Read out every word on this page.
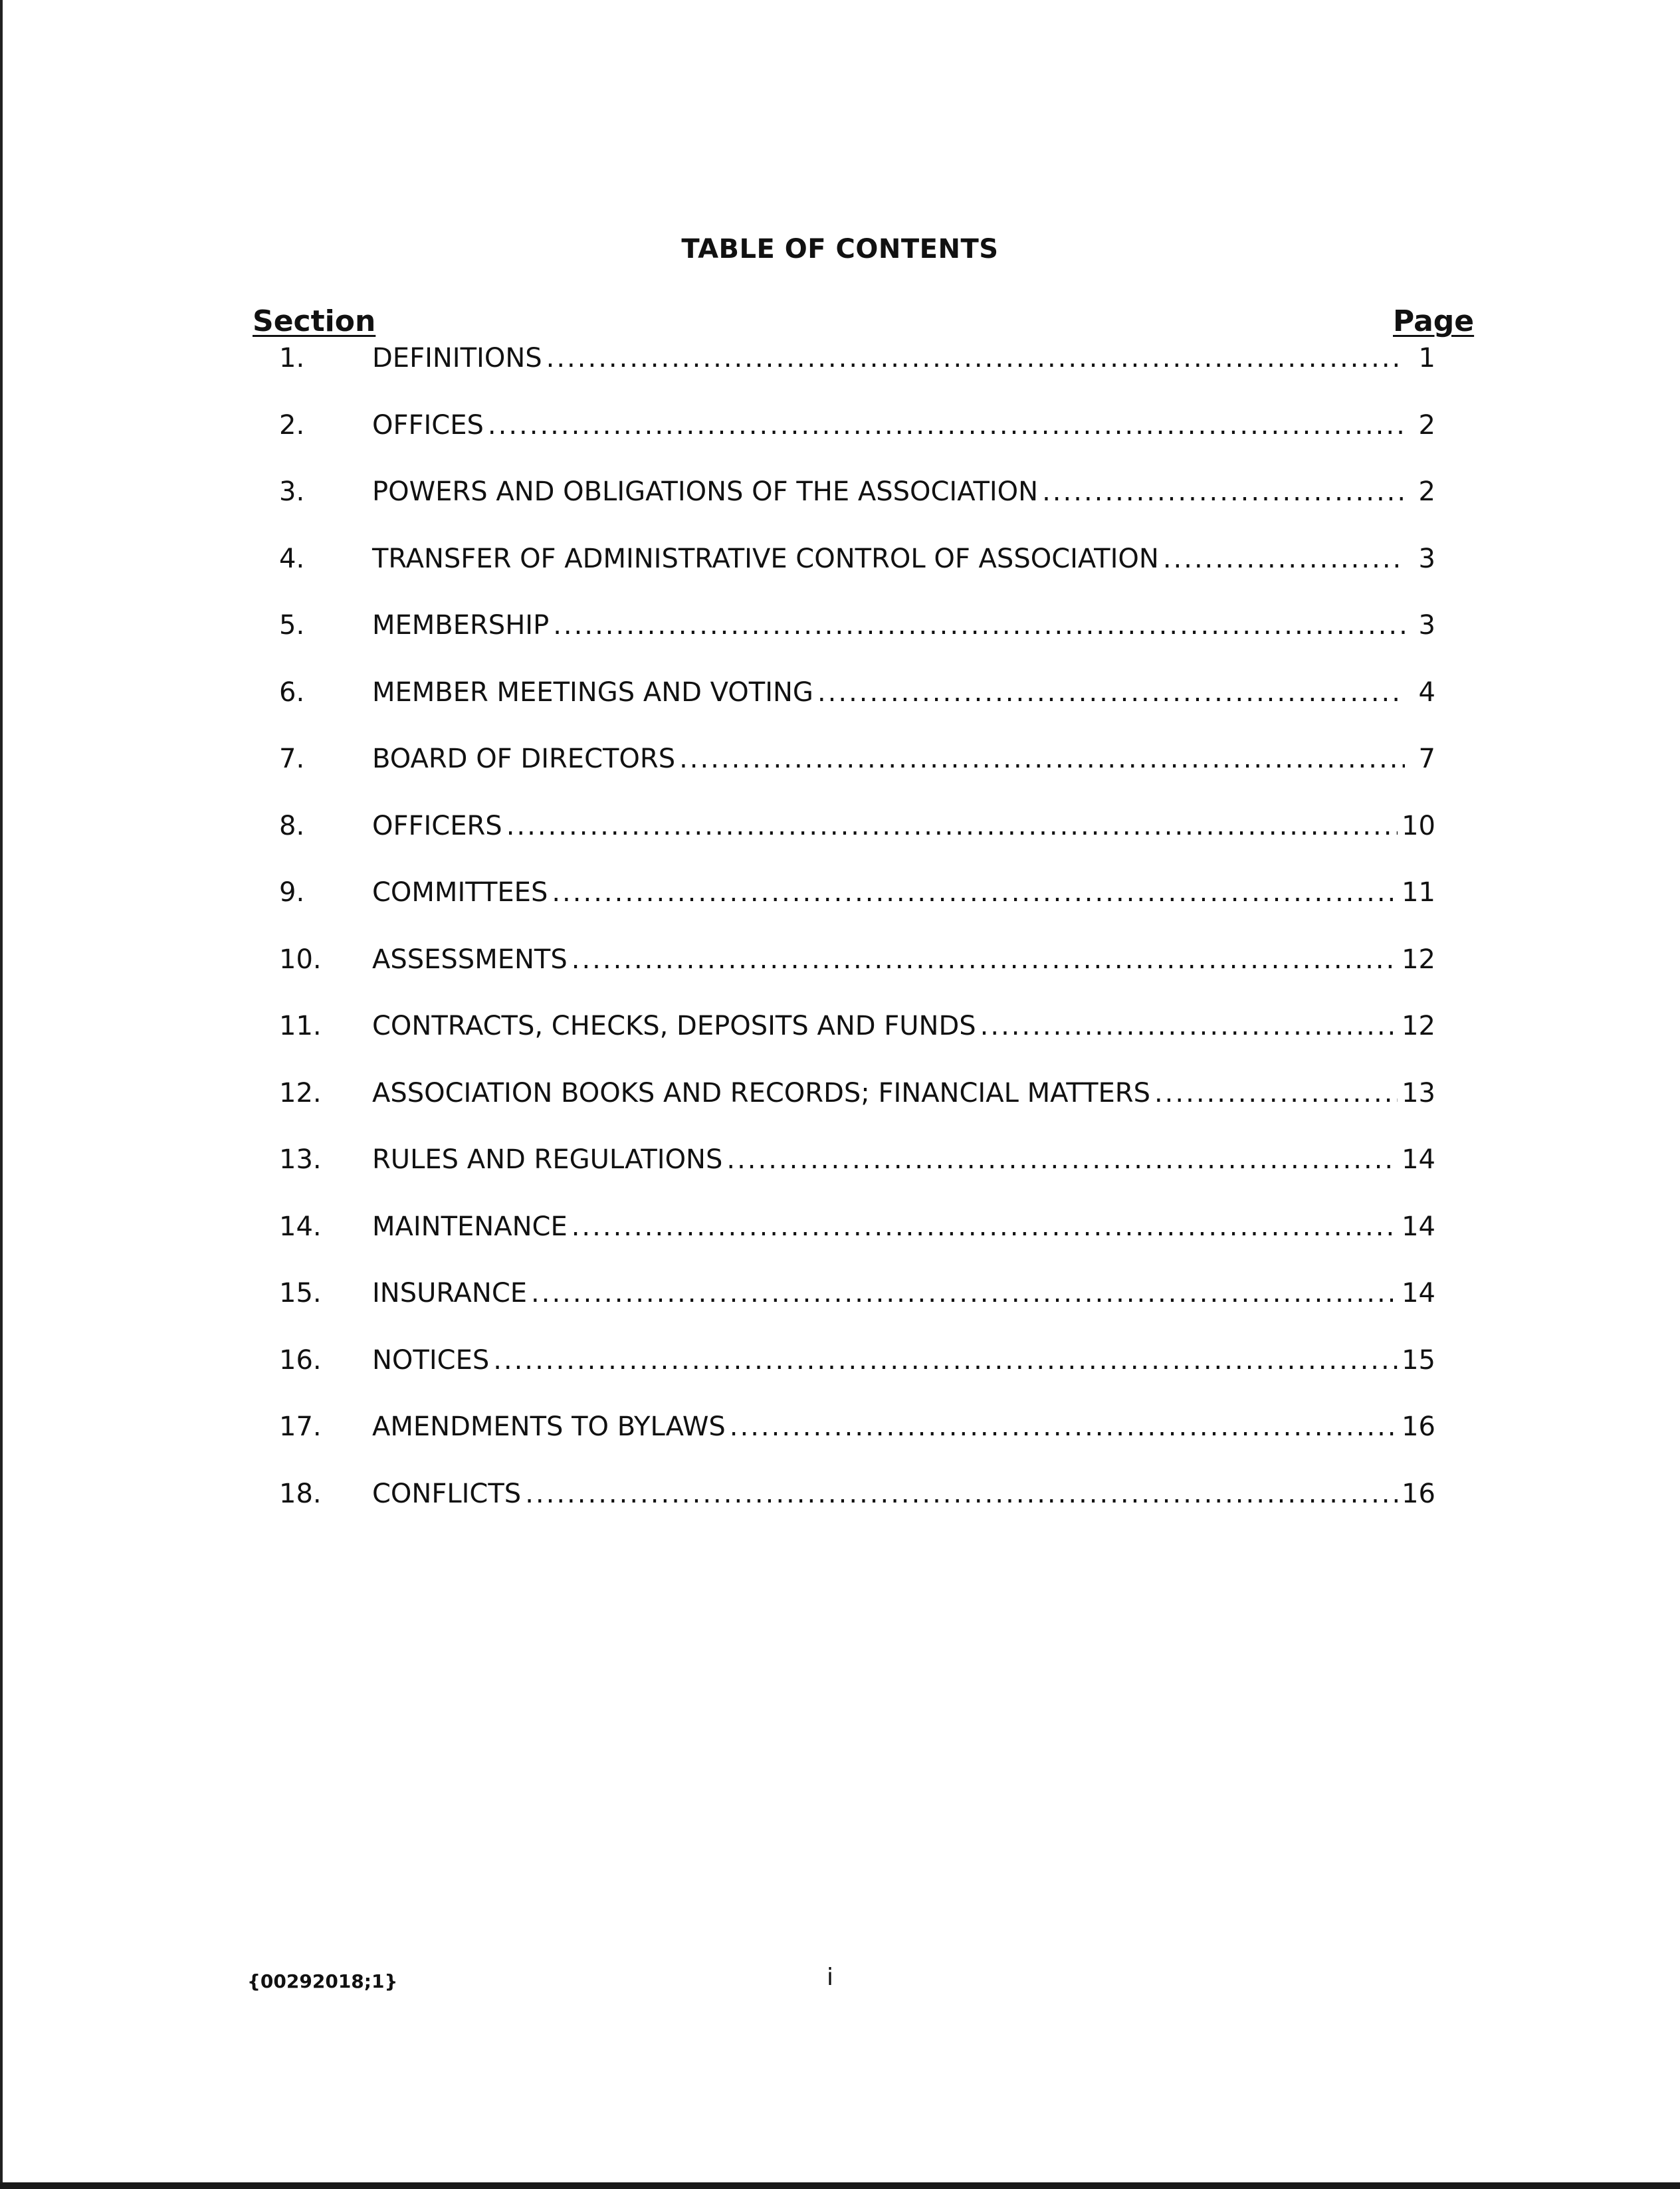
TABLE OF CONTENTS
Section	Page
1.	DEFINITIONS .....	1
2.	OFFICES .....	2
3.	POWERS AND OBLIGATIONS OF THE ASSOCIATION .....	2
4.	TRANSFER OF ADMINISTRATIVE CONTROL OF ASSOCIATION .....	3
5.	MEMBERSHIP .....	3
6.	MEMBER MEETINGS AND VOTING .....	4
7.	BOARD OF DIRECTORS .....	7
8.	OFFICERS .....	10
9.	COMMITTEES .....	11
10.	ASSESSMENTS .....	12
11.	CONTRACTS, CHECKS, DEPOSITS AND FUNDS .....	12
12.	ASSOCIATION BOOKS AND RECORDS; FINANCIAL MATTERS .....	13
13.	RULES AND REGULATIONS .....	14
14.	MAINTENANCE .....	14
15.	INSURANCE .....	14
16.	NOTICES .....	15
17.	AMENDMENTS TO BYLAWS .....	16
18.	CONFLICTS .....	16
{00292018;1}	i
